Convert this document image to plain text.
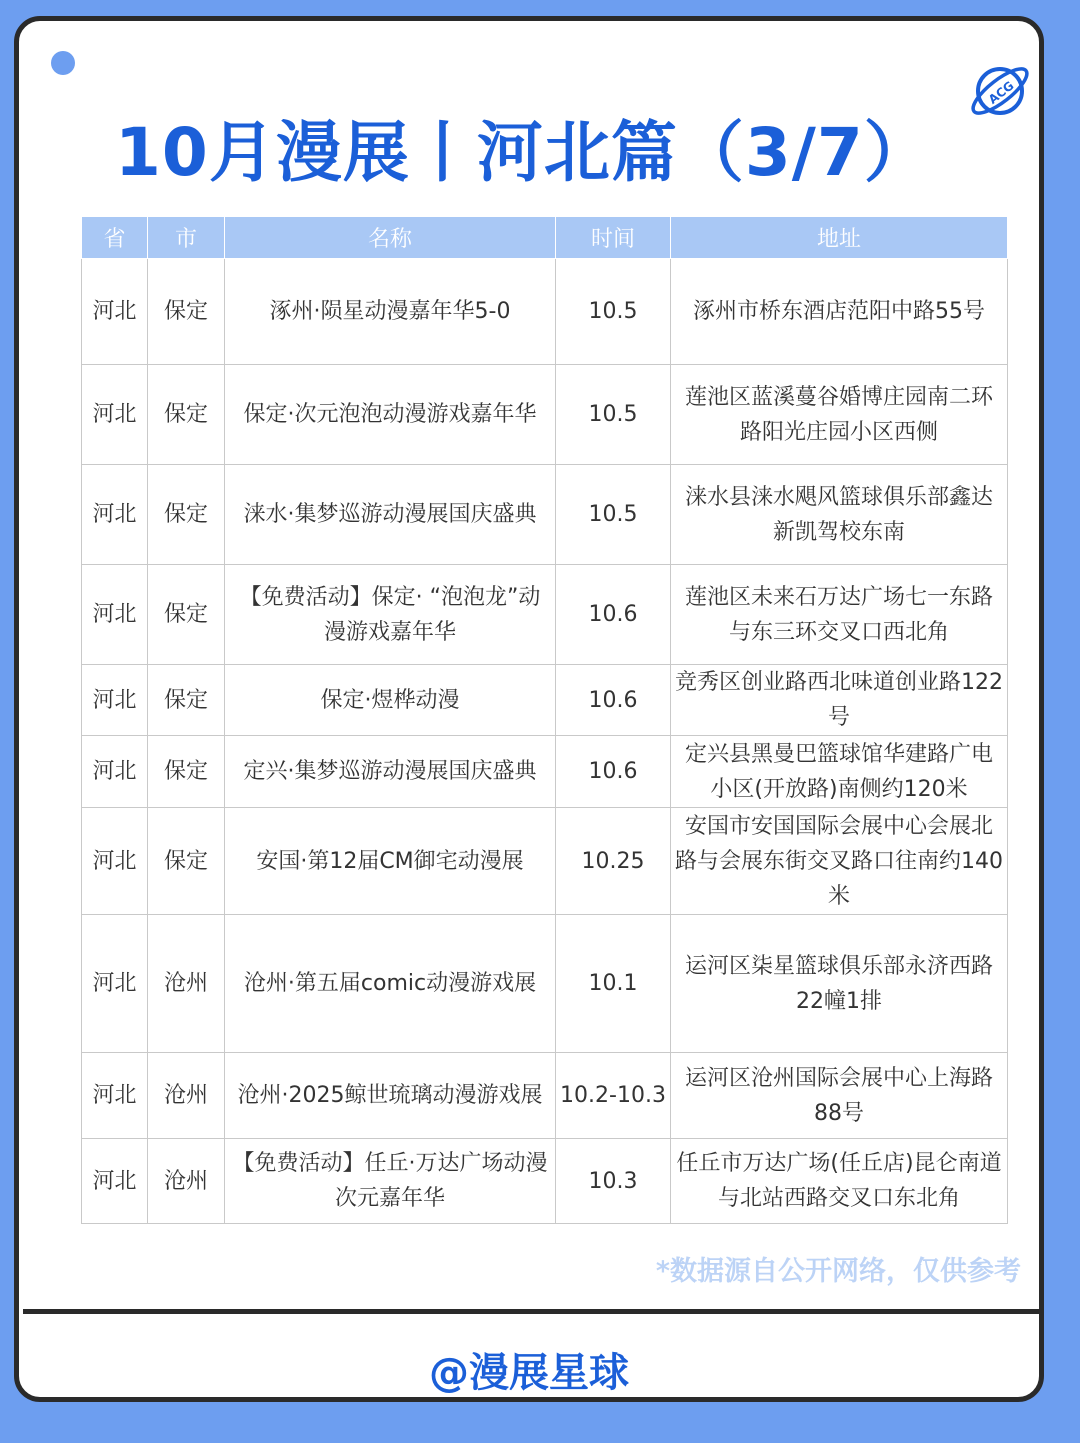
ACG
10月漫展丨河北篇（3/7）
省	市	名称	时间	地址
河北	保定	涿州·陨星动漫嘉年华5-0	10.5	涿州市桥东酒店范阳中路55号
河北	保定	保定·次元泡泡动漫游戏嘉年华	10.5	莲池区蓝溪蔓谷婚博庄园南二环路阳光庄园小区西侧
河北	保定	涞水·集梦巡游动漫展国庆盛典	10.5	涞水县涞水飓风篮球俱乐部鑫达新凯驾校东南
河北	保定	【免费活动】保定· “泡泡龙”动漫游戏嘉年华	10.6	莲池区未来石万达广场七一东路与东三环交叉口西北角
河北	保定	保定·煜桦动漫	10.6	竞秀区创业路西北味道创业路122号
河北	保定	定兴·集梦巡游动漫展国庆盛典	10.6	定兴县黑曼巴篮球馆华建路广电小区(开放路)南侧约120米
河北	保定	安国·第12届CM御宅动漫展	10.25	安国市安国国际会展中心会展北路与会展东街交叉路口往南约140米
河北	沧州	沧州·第五届comic动漫游戏展	10.1	运河区柒星篮球俱乐部永济西路22幢1排
河北	沧州	沧州·2025鲸世琉璃动漫游戏展	10.2-10.3	运河区沧州国际会展中心上海路88号
河北	沧州	【免费活动】任丘·万达广场动漫次元嘉年华	10.3	任丘市万达广场(任丘店)昆仑南道与北站西路交叉口东北角
*数据源自公开网络，仅供参考
@漫展星球
